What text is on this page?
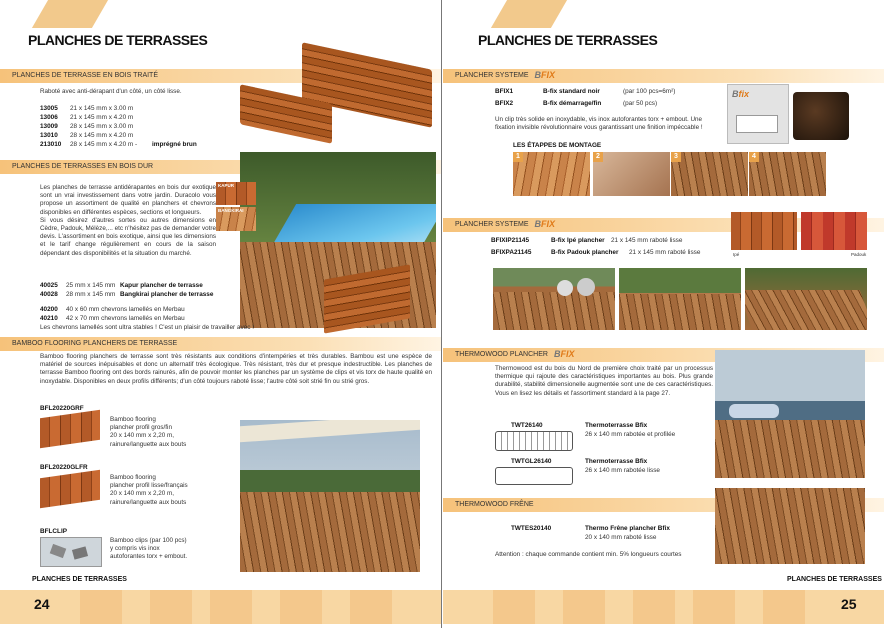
PLANCHES DE TERRASSES
PLANCHES DE TERRASSE EN BOIS TRAITÉ
Raboté avec anti-dérapant d'un côté, un côté lisse.
13005 21 x 145 mm x 3.00 m
13006 21 x 145 mm x 4.20 m
13009 28 x 145 mm x 3.00 m
13010 28 x 145 mm x 4.20 m
213010 28 x 145 mm x 4.20 m - imprégné brun
PLANCHES DE TERRASSES EN BOIS DUR
KAPUR
BANGKIRAI
Les planches de terrasse antidérapantes en bois dur exotique sont un vrai investissement dans votre jardin. Duracolo vous propose un assortiment de qualité en planchers et chevrons disponibles en différentes espèces, sections et longueurs.
Si vous désirez d'autres sortes ou autres dimensions en Cèdre, Padouk, Mélèze,... etc n'hésitez pas de demander votre devis. L'assortiment en bois exotique, ainsi que les dimensions et le tarif change régulièrement en cours de la saison dépendant des disponibilités et la situation du marché.
40025 25 mm x 145 mm Kapur plancher de terrasse
40028 28 mm x 145 mm Bangkirai plancher de terrasse
40200 40 x 60 mm chevrons lamellés en Merbau
40210 42 x 70 mm chevrons lamellés en Merbau
Les chevrons lamellés sont ultra stables ! C'est un plaisir de travailler avec !
BAMBOO FLOORING PLANCHERS DE TERRASSE
Bamboo flooring planchers de terrasse sont très résistants aux conditions d'intempéries et très durables. Bambou est une espèce de matériel de sources inépuisables et donc un alternatif très écologique. Très résistant, très dur et presque indestructible. Les planches de terrasse Bamboo flooring ont des bords rainurés, afin de pouvoir monter les planches par un système de clips et vis torx de haute qualité en inoxydable. Disponibles en deux profils différents; d'un côté toujours raboté lisse; l'autre côté soit strié fin ou strié gros.
BFL20220GRF
Bamboo flooring
plancher profil gros/fin
20 x 140 mm x 2,20 m,
rainure/languette aux bouts
BFL20220GLFR
Bamboo flooring
plancher profil lisse/français
20 x 140 mm x 2,20 m,
rainure/languette aux bouts
BFLCLIP
Bamboo clips (par 100 pcs)
y compris vis inox
autoforantes torx + embout.
PLANCHES DE TERRASSES
24
PLANCHES DE TERRASSES
PLANCHER SYSTEME BFIX
BFIX1	B-fix standard noir	(par 100 pcs=6m²)
BFIX2	B-fix démarrage/fin	(par 50 pcs)
Un clip très solide en inoxydable, vis inox autoforantes torx + embout. Une fixation invisible révolutionnaire vous garantissant une finition impéccable !
Bfix
LES ÉTAPPES DE MONTAGE
1	2	3	4
PLANCHER SYSTEME BFIX
Ipé	Padouk
BFIXIP21145	B-fix Ipé plancher 21 x 145 mm raboté lisse
BFIXPA21145	B-fix Padouk plancher 21 x 145 mm raboté lisse
THERMOWOOD PLANCHER BFIX
Thermowood est du bois du Nord de première choix traité par un processus thermique qui rajoute des caractéristiques importantes au bois. Plus grande durabilité, stabilité dimensionelle augmentée sont une de ces caractéristiques. Vous en lisez les détails et l'assortiment standard à la page 27.
TWT26140	Thermoterrasse Bfix
26 x 140 mm rabotée et profilée
TWTGL26140	Thermoterrasse Bfix
26 x 140 mm rabotée lisse
THERMOWOOD FRÊNE
TWTES20140	Thermo Frêne plancher Bfix
20 x 140 mm raboté lisse
Attention : chaque commande contient min. 5% longueurs courtes
PLANCHES DE TERRASSES
25
